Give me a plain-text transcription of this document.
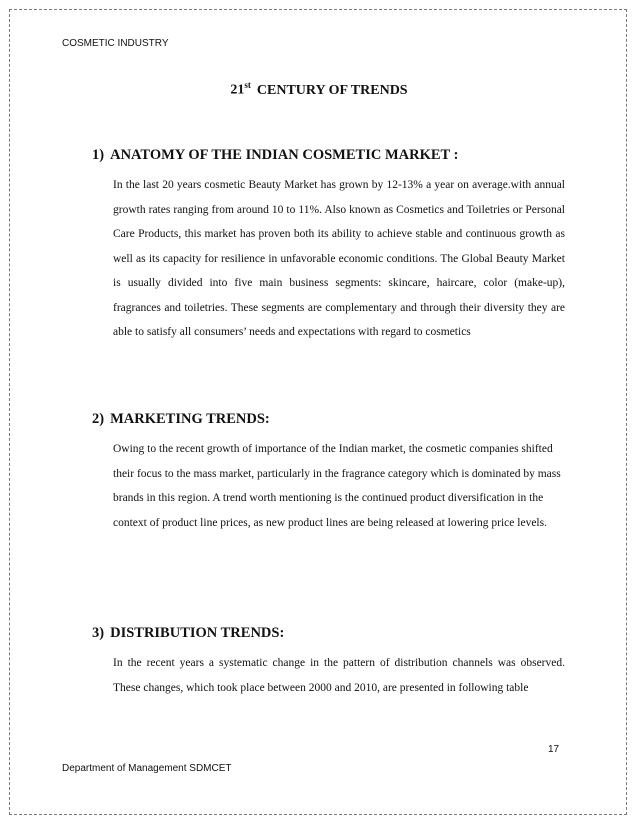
COSMETIC INDUSTRY
21st CENTURY OF TRENDS
1) ANATOMY OF THE INDIAN COSMETIC MARKET :

In the last 20 years cosmetic Beauty Market has grown by 12-13% a year on average.with annual growth rates ranging from around 10 to 11%. Also known as Cosmetics and Toiletries or Personal Care Products, this market has proven both its ability to achieve stable and continuous growth as well as its capacity for resilience in unfavorable economic conditions. The Global Beauty Market is usually divided into five main business segments: skincare, haircare, color (make-up), fragrances and toiletries. These segments are complementary and through their diversity they are able to satisfy all consumers’ needs and expectations with regard to cosmetics

2) MARKETING TRENDS:

Owing to the recent growth of importance of the Indian market, the cosmetic companies shifted their focus to the mass market, particularly in the fragrance category which is dominated by mass brands in this region. A trend worth mentioning is the continued product diversification in the context of product line prices, as new product lines are being released at lowering price levels.

3) DISTRIBUTION TRENDS:

In the recent years a systematic change in the pattern of distribution channels was observed. These changes, which took place between 2000 and 2010, are presented in following table

17
Department of Management SDMCET
